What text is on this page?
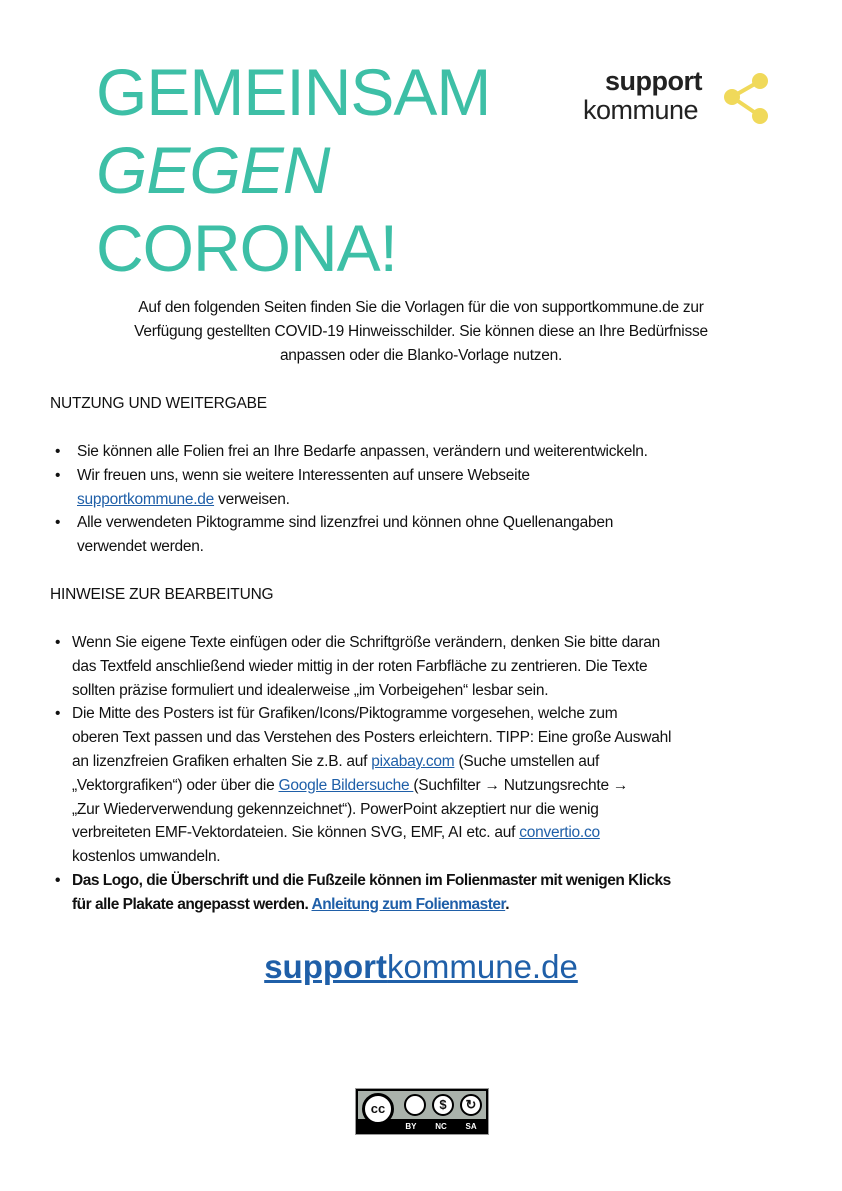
GEMEINSAM
GEGEN
CORONA!
support
kommune
Auf den folgenden Seiten finden Sie die Vorlagen für die von supportkommune.de zur
Verfügung gestellten COVID-19 Hinweisschilder. Sie können diese an Ihre Bedürfnisse
anpassen oder die Blanko-Vorlage nutzen.
NUTZUNG UND WEITERGABE
• Sie können alle Folien frei an Ihre Bedarfe anpassen, verändern und weiterentwickeln.
• Wir freuen uns, wenn sie weitere Interessenten auf unsere Webseite
supportkommune.de verweisen.
• Alle verwendeten Piktogramme sind lizenzfrei und können ohne Quellenangaben
verwendet werden.
HINWEISE ZUR BEARBEITUNG
• Wenn Sie eigene Texte einfügen oder die Schriftgröße verändern, denken Sie bitte daran
das Textfeld anschließend wieder mittig in der roten Farbfläche zu zentrieren. Die Texte
sollten präzise formuliert und idealerweise „im Vorbeigehen“ lesbar sein.
• Die Mitte des Posters ist für Grafiken/Icons/Piktogramme vorgesehen, welche zum
oberen Text passen und das Verstehen des Posters erleichtern. TIPP: Eine große Auswahl
an lizenzfreien Grafiken erhalten Sie z.B. auf pixabay.com (Suche umstellen auf
„Vektorgrafiken“) oder über die Google Bildersuche (Suchfilter → Nutzungsrechte →
„Zur Wiederverwendung gekennzeichnet“). PowerPoint akzeptiert nur die wenig
verbreiteten EMF-Vektordateien. Sie können SVG, EMF, AI etc. auf convertio.co
kostenlos umwandeln.
• Das Logo, die Überschrift und die Fußzeile können im Folienmaster mit wenigen Klicks
für alle Plakate angepasst werden. Anleitung zum Folienmaster.
supportkommune.de
cc	$	↻
BY NC SA
